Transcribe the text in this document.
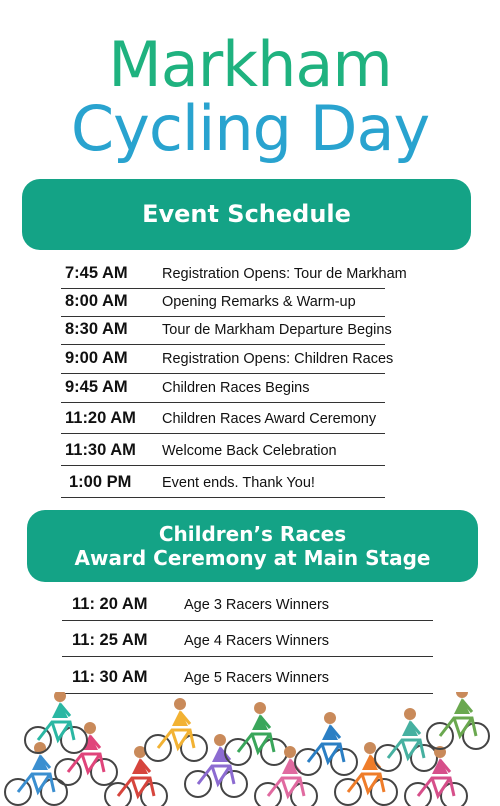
Markham
Cycling Day
Event Schedule
7:45 AM Registration Opens: Tour de Markham
8:00 AM Opening Remarks & Warm-up
8:30 AM Tour de Markham Departure Begins
9:00 AM Registration Opens: Children Races
9:45 AM Children Races Begins
11:20 AM Children Races Award Ceremony
11:30 AM Welcome Back Celebration
1:00 PM Event ends. Thank You!
Children’s Races
Award Ceremony at Main Stage
11: 20 AM	Age 3 Racers Winners
11: 25 AM	Age 4 Racers Winners
11: 30 AM	Age 5 Racers Winners
